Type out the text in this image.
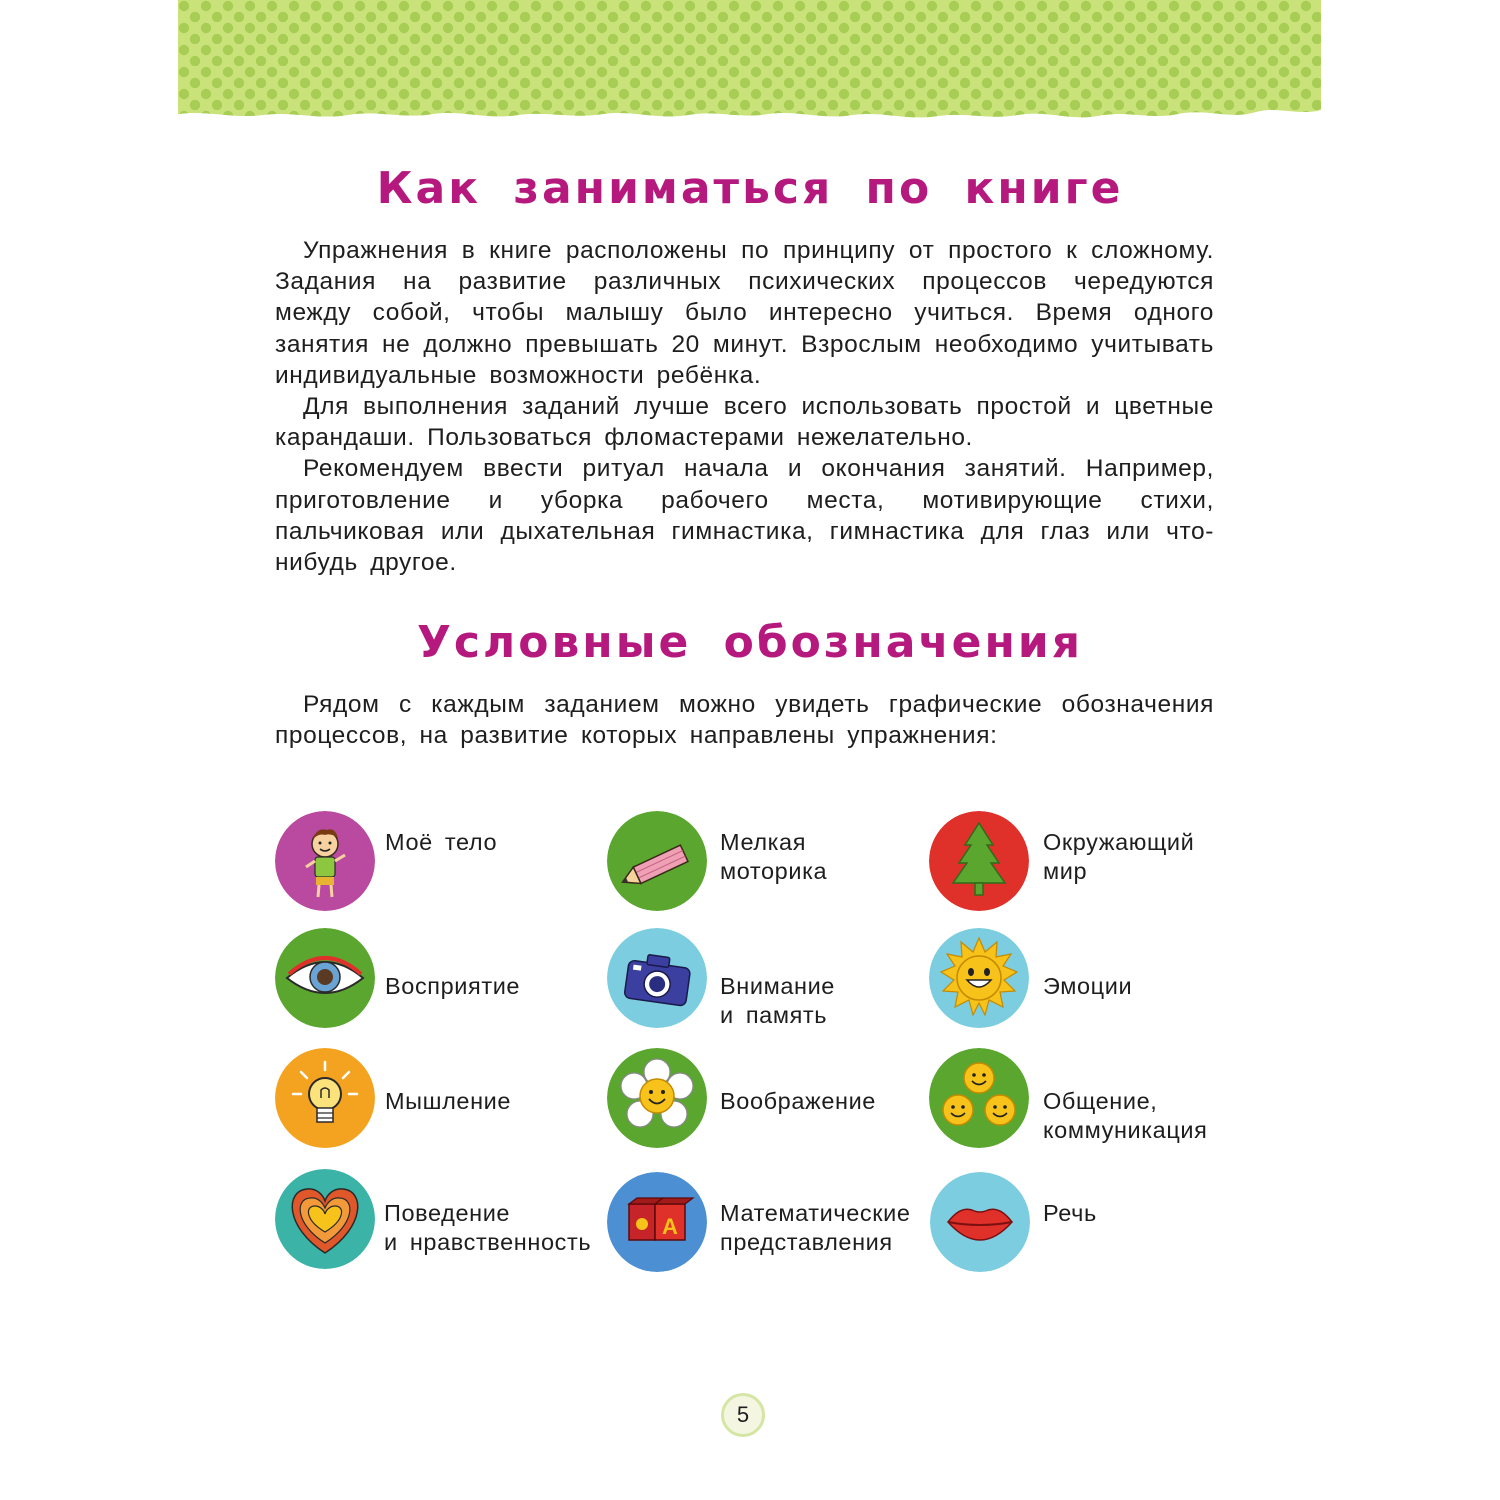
Как заниматься по книге

Упражнения в книге расположены по принципу от простого к сложному. Задания на развитие различных психических процессов чередуются между собой, чтобы малышу было интересно учиться. Время одного занятия не должно превышать 20 минут. Взрослым необходимо учитывать индивидуальные возможности ребёнка.

Для выполнения заданий лучше всего использовать простой и цветные карандаши. Пользоваться фломастерами нежелательно.

Рекомендуем ввести ритуал начала и окончания занятий. Например, приготовление и уборка рабочего места, мотивирующие стихи, пальчиковая или дыхательная гимнастика, гимнастика для глаз или что-нибудь другое.

Условные обозначения

Рядом с каждым заданием можно увидеть графические обозначения процессов, на развитие которых направлены упражнения:

Моё тело	Мелкая
моторика
Окружающий
мир
Восприятие	Внимание
и память
Эмоции
Мышление	Воображение	Общение,
коммуникация
Поведение
и нравственность
A
Математические
представления
Речь
5
